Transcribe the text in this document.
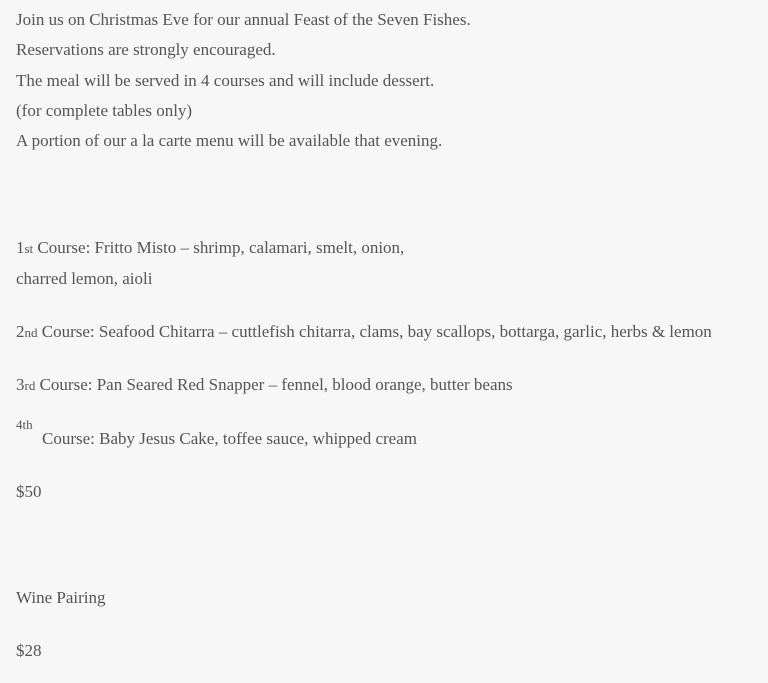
Join us on Christmas Eve for our annual Feast of the Seven Fishes.
Reservations are strongly encouraged.
The meal will be served in 4 courses and will include dessert.
(for complete tables only)
A portion of our a la carte menu will be available that evening.
1st Course: Fritto Misto – shrimp, calamari, smelt, onion,
charred lemon, aioli
2nd Course: Seafood Chitarra – cuttlefish chitarra, clams, bay scallops, bottarga, garlic, herbs & lemon
3rd Course: Pan Seared Red Snapper – fennel, blood orange, butter beans
4th
Course: Baby Jesus Cake, toffee sauce, whipped cream
$50
Wine Pairing
$28
